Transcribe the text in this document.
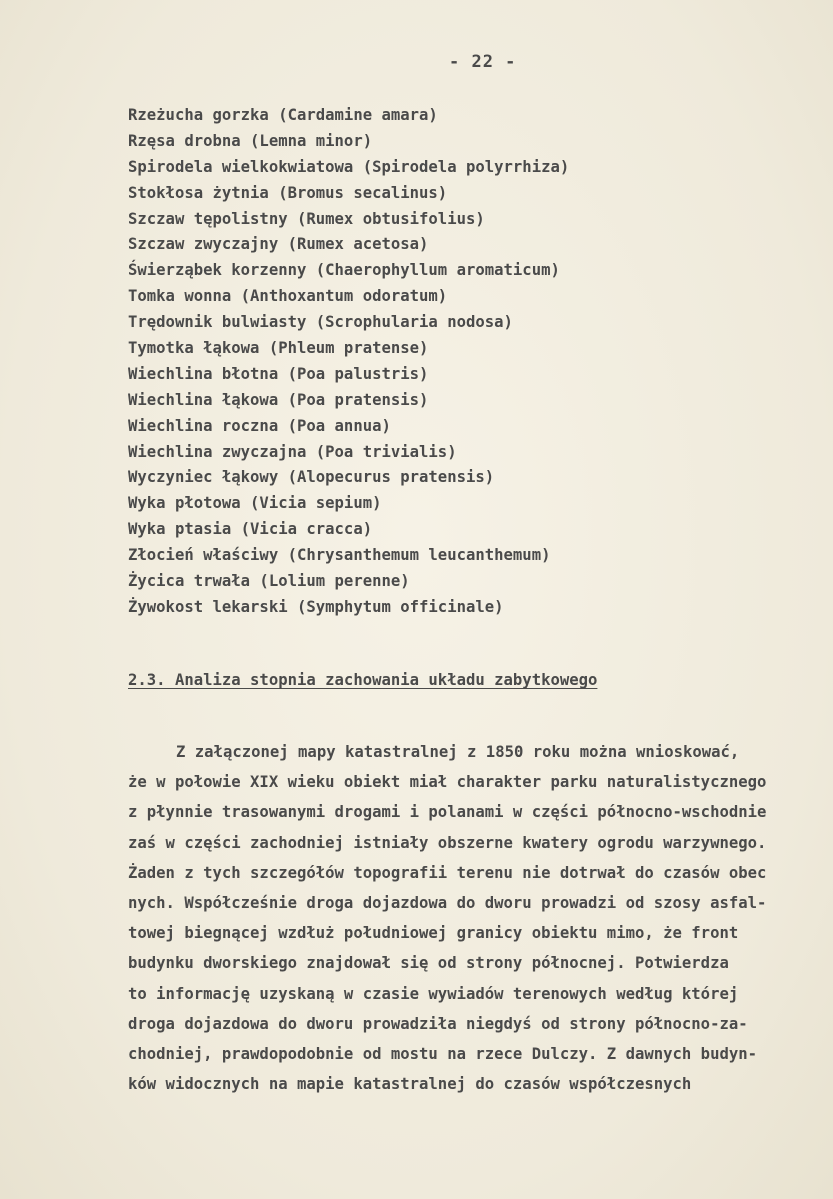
- 22 -
Rzeżucha gorzka (Cardamine amara)
Rzęsa drobna (Lemna minor)
Spirodela wielkokwiatowa (Spirodela polyrrhiza)
Stokłosa żytnia (Bromus secalinus)
Szczaw tępolistny (Rumex obtusifolius)
Szczaw zwyczajny (Rumex acetosa)
Świerząbek korzenny (Chaerophyllum aromaticum)
Tomka wonna (Anthoxantum odoratum)
Trędownik bulwiasty (Scrophularia nodosa)
Tymotka łąkowa (Phleum pratense)
Wiechlina błotna (Poa palustris)
Wiechlina łąkowa (Poa pratensis)
Wiechlina roczna (Poa annua)
Wiechlina zwyczajna (Poa trivialis)
Wyczyniec łąkowy (Alopecurus pratensis)
Wyka płotowa (Vicia sepium)
Wyka ptasia (Vicia cracca)
Złocień właściwy (Chrysanthemum leucanthemum)
Życica trwała (Lolium perenne)
Żywokost lekarski (Symphytum officinale)
2.3. Analiza stopnia zachowania układu zabytkowego
Z załączonej mapy katastralnej z 1850 roku można wnioskować,
że w połowie XIX wieku obiekt miał charakter parku naturalistycznego
z płynnie trasowanymi drogami i polanami w części północno-wschodnie
zaś w części zachodniej istniały obszerne kwatery ogrodu warzywnego.
Żaden z tych szczegółów topografii terenu nie dotrwał do czasów obec
nych. Współcześnie droga dojazdowa do dworu prowadzi od szosy asfal-
towej biegnącej wzdłuż południowej granicy obiektu mimo, że front
budynku dworskiego znajdował się od strony północnej. Potwierdza
to informację uzyskaną w czasie wywiadów terenowych według której
droga dojazdowa do dworu prowadziła niegdyś od strony północno-za-
chodniej, prawdopodobnie od mostu na rzece Dulczy. Z dawnych budyn-
ków widocznych na mapie katastralnej do czasów współczesnych
